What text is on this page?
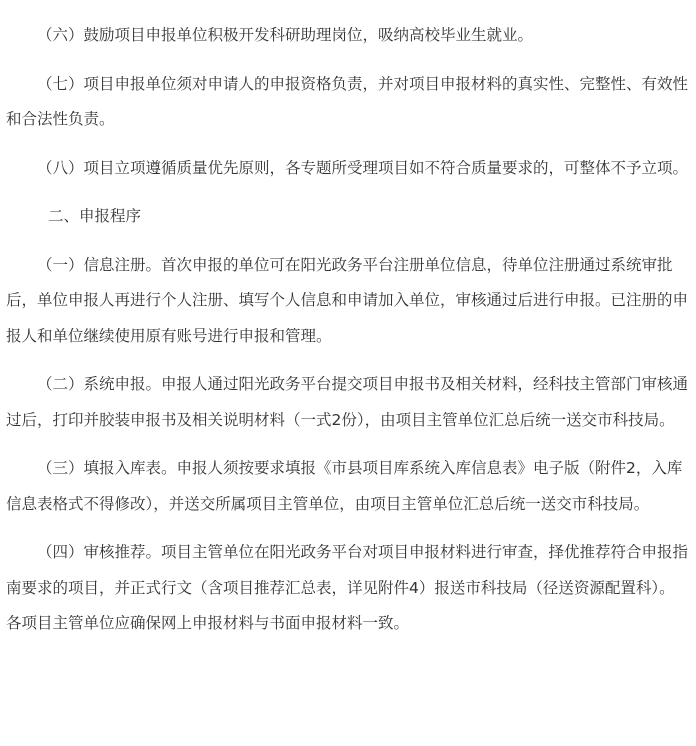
（六）鼓励项目申报单位积极开发科研助理岗位，吸纳高校毕业生就业。

（七）项目申报单位须对申请人的申报资格负责，并对项目申报材料的真实性、完整性、有效性和合法性负责。

（八）项目立项遵循质量优先原则，各专题所受理项目如不符合质量要求的，可整体不予立项。

二、申报程序

（一）信息注册。首次申报的单位可在阳光政务平台注册单位信息，待单位注册通过系统审批后，单位申报人再进行个人注册、填写个人信息和申请加入单位，审核通过后进行申报。已注册的申报人和单位继续使用原有账号进行申报和管理。

（二）系统申报。申报人通过阳光政务平台提交项目申报书及相关材料，经科技主管部门审核通过后，打印并胶装申报书及相关说明材料（一式2份），由项目主管单位汇总后统一送交市科技局。

（三）填报入库表。申报人须按要求填报《市县项目库系统入库信息表》电子版（附件2，入库信息表格式不得修改），并送交所属项目主管单位，由项目主管单位汇总后统一送交市科技局。

（四）审核推荐。项目主管单位在阳光政务平台对项目申报材料进行审查，择优推荐符合申报指南要求的项目，并正式行文（含项目推荐汇总表，详见附件4）报送市科技局（径送资源配置科）。各项目主管单位应确保网上申报材料与书面申报材料一致。
